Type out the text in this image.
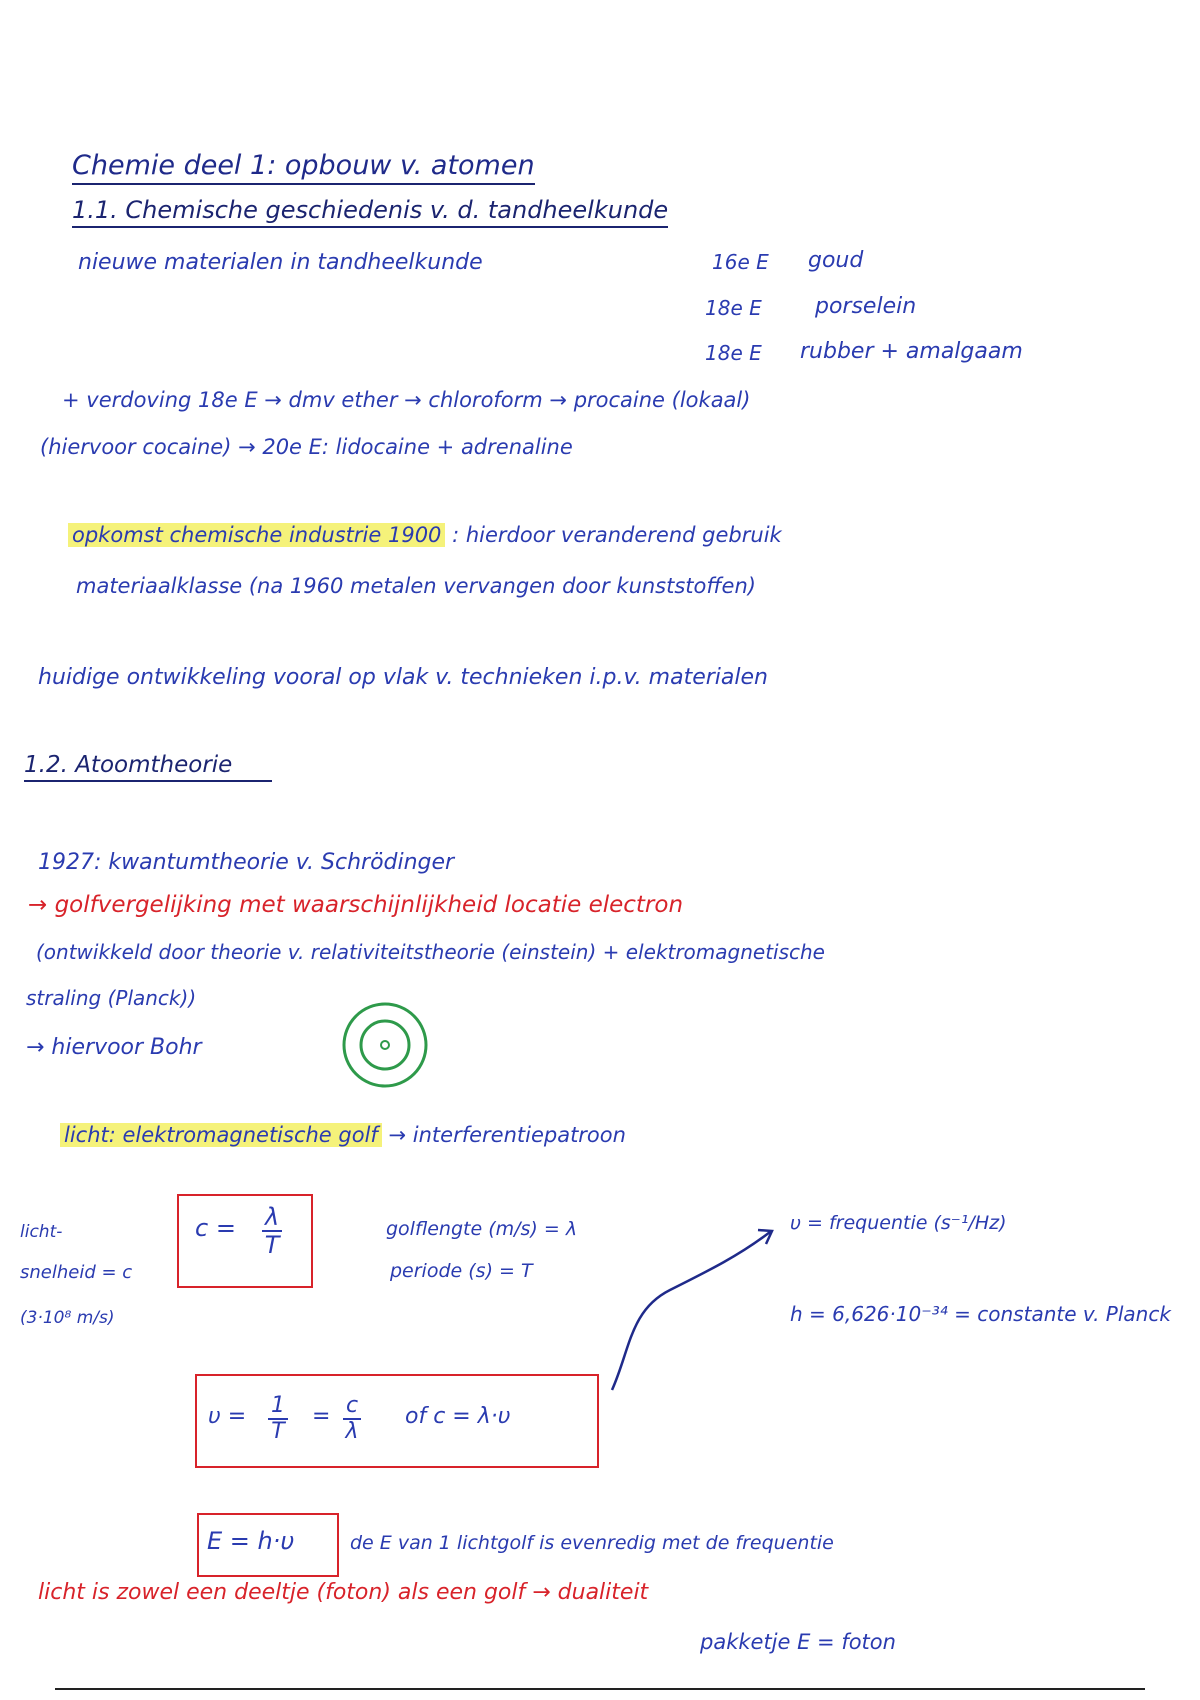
Chemie deel 1: opbouw v. atomen
1.1. Chemische geschiedenis v. d. tandheelkunde
nieuwe materialen in tandheelkunde	16e E goud
18e E porselein
18e E rubber + amalgaam
+ verdoving 18e E → dmv ether → chloroform → procaine (lokaal)
(hiervoor cocaine) → 20e E: lidocaine + adrenaline
opkomst chemische industrie 1900 : hierdoor veranderend gebruik
materiaalklasse (na 1960 metalen vervangen door kunststoffen)
huidige ontwikkeling vooral op vlak v. technieken i.p.v. materialen
1.2. Atoomtheorie
1927: kwantumtheorie v. Schrödinger
→ golfvergelijking met waarschijnlijkheid locatie electron
(ontwikkeld door theorie v. relativiteitstheorie (einstein) + elektromagnetische
straling (Planck))
→ hiervoor Bohr
licht: elektromagnetische golf → interferentiepatroon
licht-
snelheid = c
(3·10⁸ m/s)
$c = \frac{\lambda}{T}$	golflengte (m/s) = λ
periode (s) = T
υ = frequentie (s⁻¹/Hz)
h = 6,626·10⁻³⁴ = constante v. Planck
$\upsilon = \frac{1}{T} = \frac{c}{\lambda}$ of c = λ·υ
E = h·υ	de E van 1 lichtgolf is evenredig met de frequentie
licht is zowel een deeltje (foton) als een golf → dualiteit
pakketje E = foton
